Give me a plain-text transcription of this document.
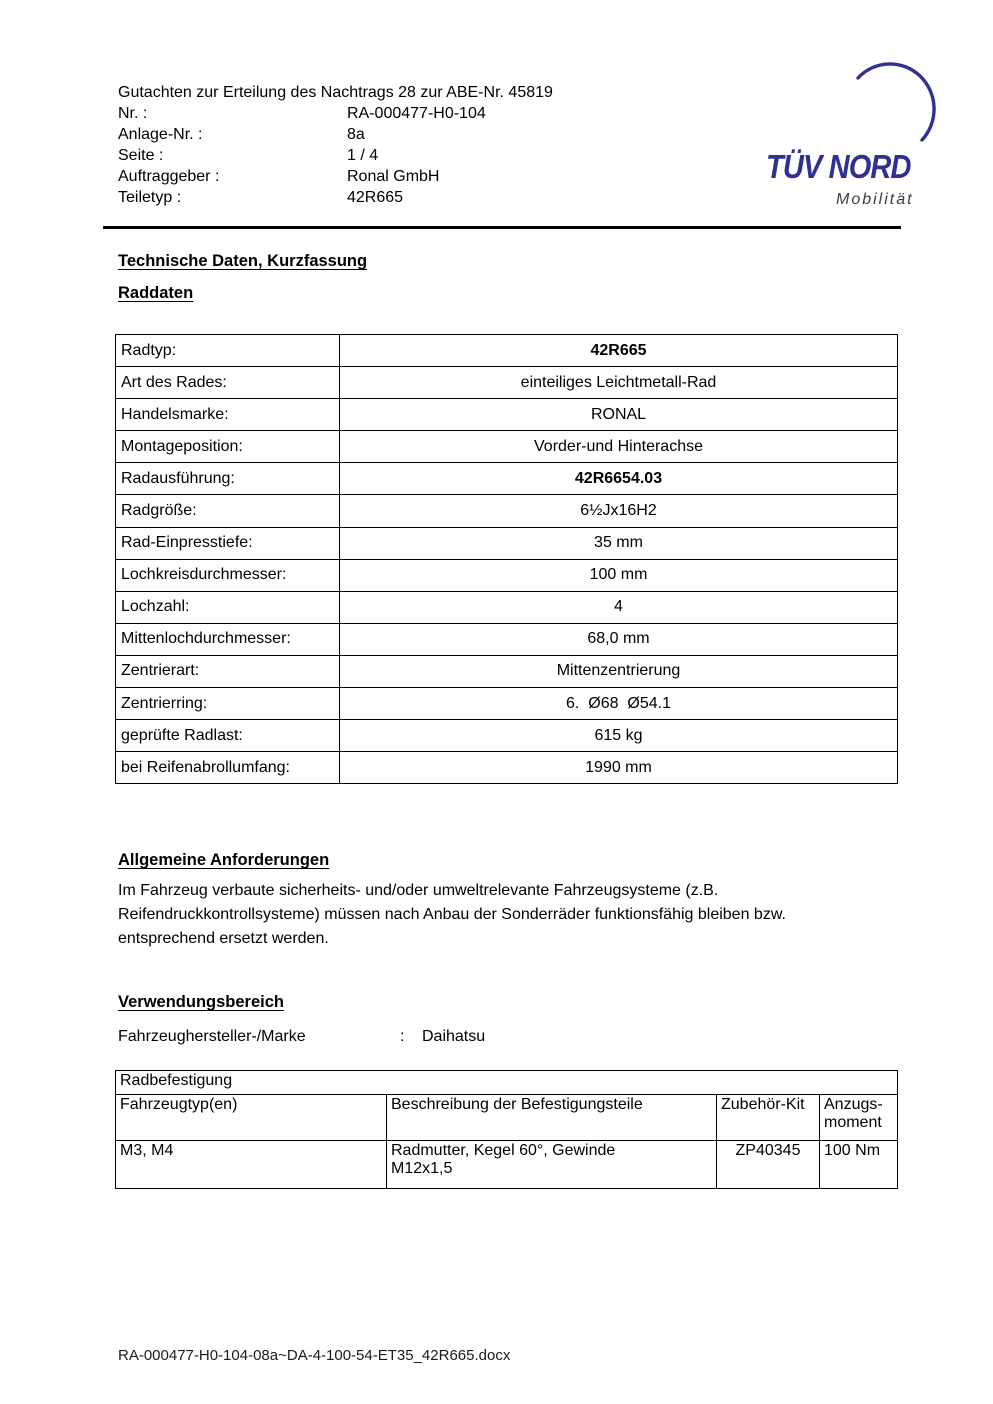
Gutachten zur Erteilung des Nachtrags 28 zur ABE-Nr. 45819
Nr. :	RA-000477-H0-104
Anlage-Nr. :	8a
Seite :	1 / 4
Auftraggeber :	Ronal GmbH
Teiletyp :	42R665
TÜV NORD
Mobilität
Technische Daten, Kurzfassung
Raddaten
Radtyp:	42R665
Art des Rades:	einteiliges Leichtmetall-Rad
Handelsmarke:	RONAL
Montageposition:	Vorder-und Hinterachse
Radausführung:	42R6654.03
Radgröße:	6½Jx16H2
Rad-Einpresstiefe:	35 mm
Lochkreisdurchmesser:	100 mm
Lochzahl:	4
Mittenlochdurchmesser:	68,0 mm
Zentrierart:	Mittenzentrierung
Zentrierring:	6.  Ø68  Ø54.1
geprüfte Radlast:	615 kg
bei Reifenabrollumfang:	1990 mm
Allgemeine Anforderungen
Im Fahrzeug verbaute sicherheits- und/oder umweltrelevante Fahrzeugsysteme (z.B.
Reifendruckkontrollsysteme) müssen nach Anbau der Sonderräder funktionsfähig bleiben bzw.
entsprechend ersetzt werden.
Verwendungsbereich
Fahrzeughersteller-/Marke	: Daihatsu
Radbefestigung			
Fahrzeugtyp(en)	Beschreibung der Befestigungsteile	Zubehör-Kit	Anzugs-moment
M3, M4	Radmutter, Kegel 60°, Gewinde M12x1,5	ZP40345	100 Nm
RA-000477-H0-104-08a~DA-4-100-54-ET35_42R665.docx
